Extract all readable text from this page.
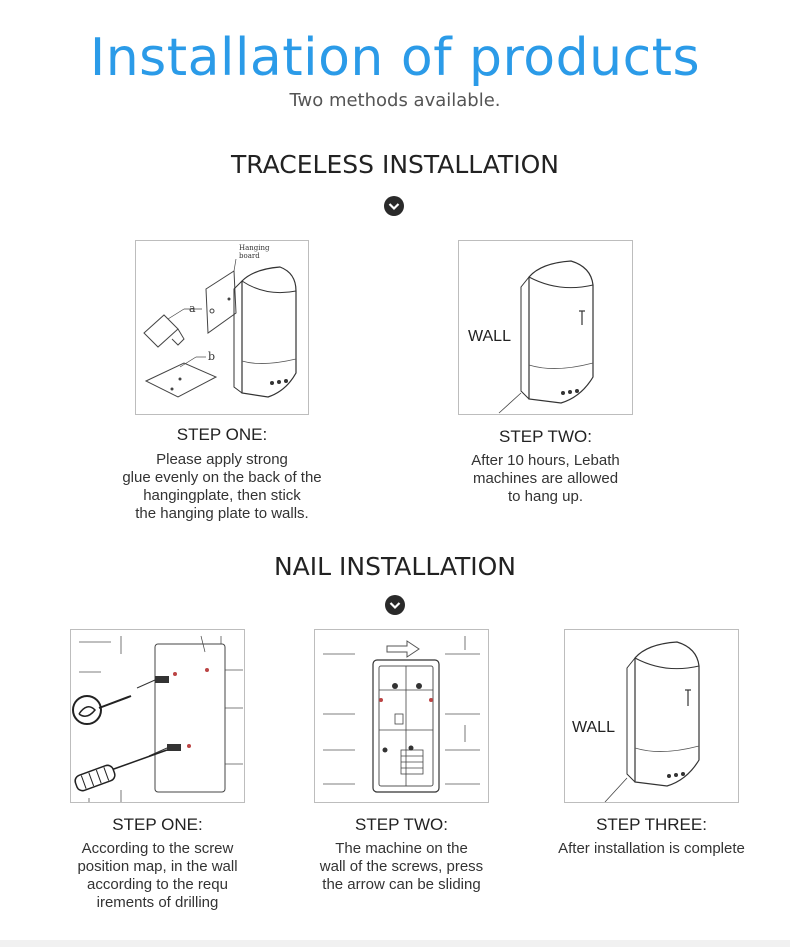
Installation of products
Two methods available.
TRACELESS INSTALLATION
Hanging
board
a
b
WALL
STEP ONE:
Please apply strong
glue evenly on the back of the
hangingplate, then stick
the hanging plate to walls.
STEP TWO:
After 10 hours, Lebath
machines are allowed
to hang up.
NAIL INSTALLATION
WALL
STEP ONE:
According to the screw
position map, in the wall
according to the requ
irements of drilling
STEP TWO:
The machine on the
wall of the screws, press
the arrow can be sliding
STEP THREE:
After installation is complete
